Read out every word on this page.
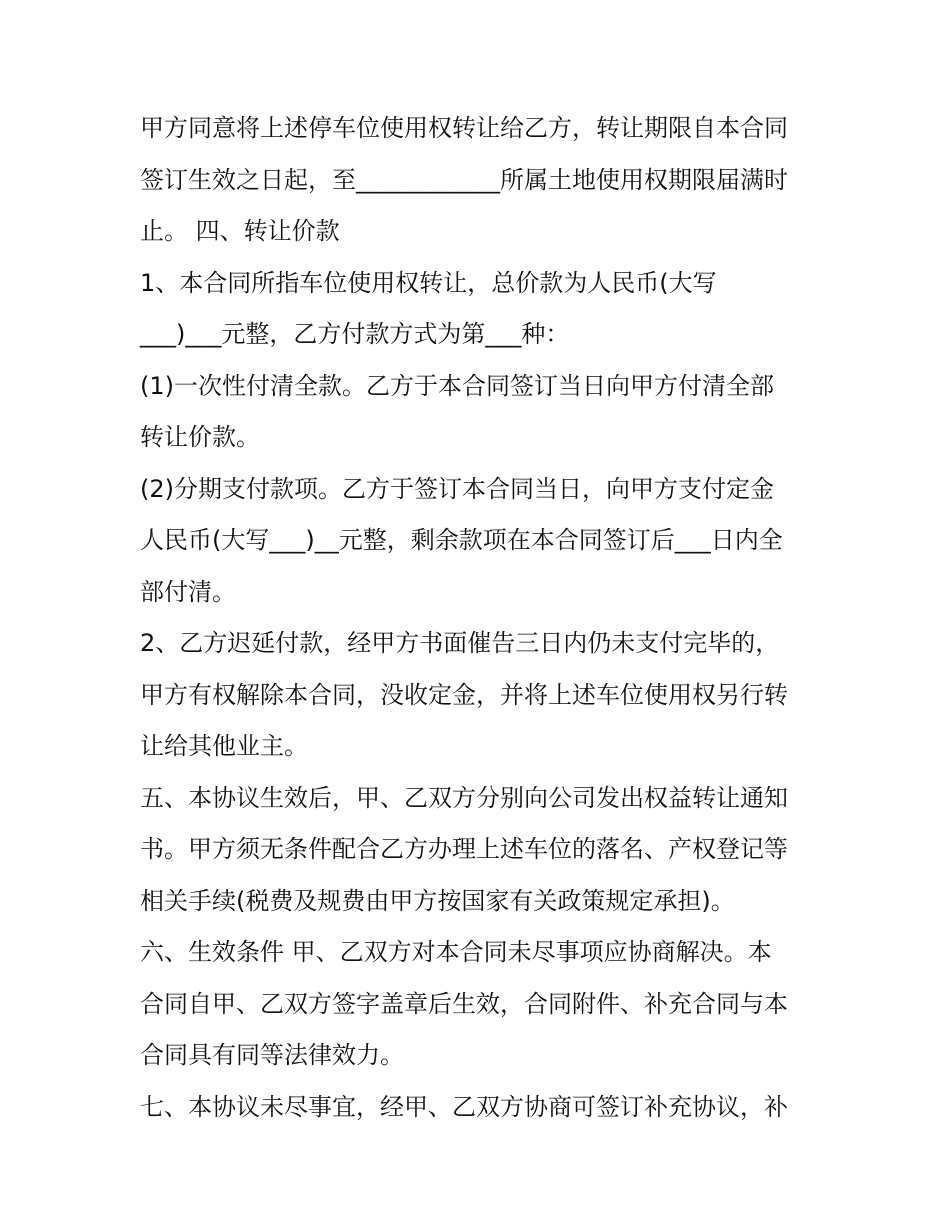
甲方同意将上述停车位使用权转让给乙方，转让期限自本合同
签订生效之日起，至____________所属土地使用权期限届满时
止。 四、转让价款
1、本合同所指车位使用权转让，总价款为人民币(大写
___)___元整，乙方付款方式为第___种：
(1)一次性付清全款。乙方于本合同签订当日向甲方付清全部
转让价款。
(2)分期支付款项。乙方于签订本合同当日，向甲方支付定金
人民币(大写___)__元整，剩余款项在本合同签订后___日内全
部付清。
2、乙方迟延付款，经甲方书面催告三日内仍未支付完毕的，
甲方有权解除本合同，没收定金，并将上述车位使用权另行转
让给其他业主。
五、本协议生效后，甲、乙双方分别向公司发出权益转让通知
书。甲方须无条件配合乙方办理上述车位的落名、产权登记等
相关手续(税费及规费由甲方按国家有关政策规定承担)。
六、生效条件 甲、乙双方对本合同未尽事项应协商解决。本
合同自甲、乙双方签字盖章后生效，合同附件、补充合同与本
合同具有同等法律效力。
七、本协议未尽事宜，经甲、乙双方协商可签订补充协议，补
